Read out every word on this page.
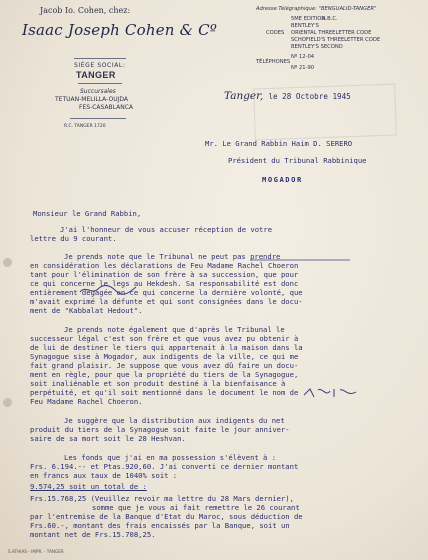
Jacob Io. Cohen, chez:
Isaac Joseph Cohen & Cº
SIÈGE SOCIAL:
TANGER
Succursales
TETUAN-MELILLA-OUJDA
FES-CASABLANCA
R.C. TANGER 1720
Adresse Télégraphique: "BENGUALID-TANGER"
5ME EDITION
A.B.C.
BENTLEY'S
CODES ORIENTAL THREELETTER CODE
SCHOFIELD'S THREELETTER CODE
BENTLEY'S SECOND
Nº 12-04
TÉLÉPHONES
Nº 21-90
Tanger, le 28 Octobre 1945
Mr. Le Grand Rabbin Haim D. SERERO
Président du Tribunal Rabbinique
MOGADOR
Monsieur le Grand Rabbin,
J'ai l'honneur de vous accuser réception de votre
lettre du 9 courant.
Je prends note que le Tribunal ne peut pas prendre
en considération les déclarations de Feu Madame Rachel Choeron
tant pour l'élimination de son frère à sa succession, que pour
ce qui concerne le legs au Hekdesh. Sa responsabilité est donc
entièrement dégagée en ce qui concerne la dernière volonté, que
m'avait exprimé la défunte et qui sont consignées dans le docu-
ment de "Kabbalat Hedout".
Je prends note également que d'après le Tribunal le
successeur légal c'est son frère et que vous avez pu obtenir à
de lui de destiner le tiers qui appartenait à la maison dans la
Synagogue sise à Mogador, aux indigents de la ville, ce qui me
fait grand plaisir. Je suppose que vous avez dû faire un docu-
ment en règle, pour que la propriété du tiers de la Synagogue,
soit inaliénable et son produit destiné à la bienfaisance à
perpétuité, et qu'il soit mentionné dans le document le nom de
Feu Madame Rachel Choeron.
Je suggère que la distribution aux indigents du net
produit du tiers de la Synagogue soit faite le jour anniver-
saire de sa mort soit le 28 Heshvan.
Les fonds que j'ai en ma possession s'élèvent à :
Frs. 6.194.-- et Ptas.920,60. J'ai converti ce dernier montant
en francs aux taux de 1040% soit :
9.574,25 soit un total de :
Frs.15.768,25 (Veuillez revoir ma lettre du 28 Mars dernier),
somme que je vous ai fait remettre le 26 courant
par l'entremise de la Banque d'Etat du Maroc, sous déduction de
Frs.60.-, montant des frais encaissés par la Banque, soit un
montant net de Frs.15.708,25.
S.ATHIAS - IMPR. - TANGER
